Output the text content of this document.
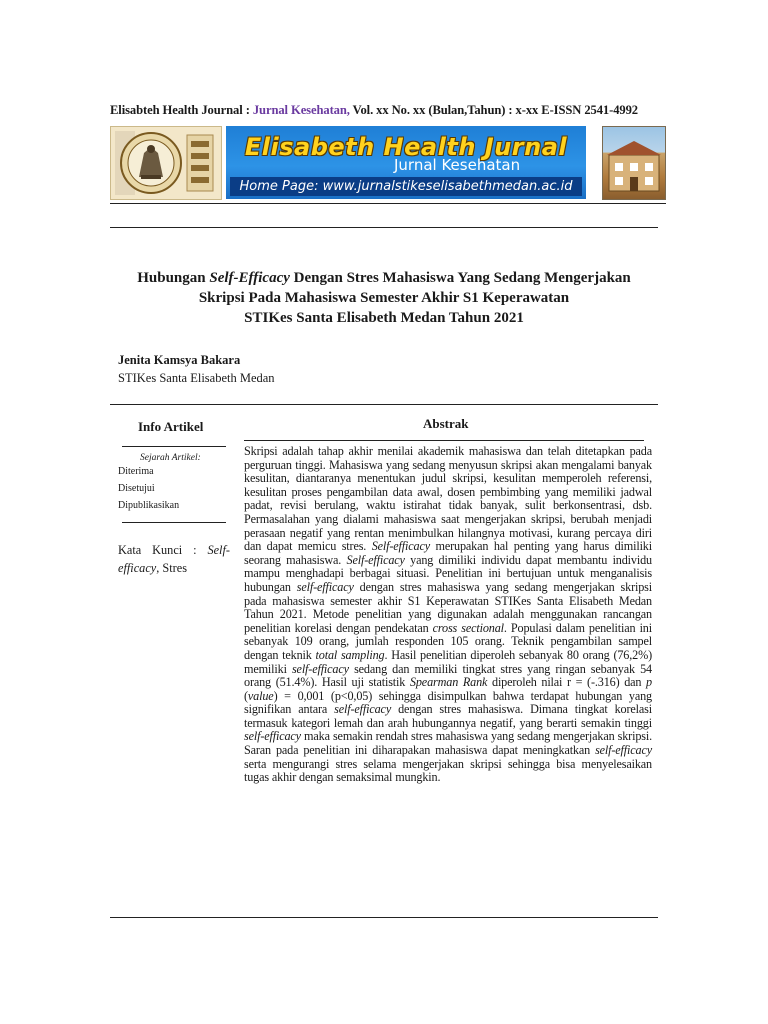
Elisabteh Health Journal : Jurnal Kesehatan, Vol. xx No. xx (Bulan,Tahun) : x-xx E-ISSN 2541-4992
Elisabeth Health Jurnal
Jurnal Kesehatan
Home Page: www.jurnalstikeselisabethmedan.ac.id
Hubungan Self-Efficacy Dengan Stres Mahasiswa Yang Sedang Mengerjakan
Skripsi Pada Mahasiswa Semester Akhir S1 Keperawatan
STIKes Santa Elisabeth Medan Tahun 2021
Jenita Kamsya Bakara
STIKes Santa Elisabeth Medan
Info Artikel
Sejarah Artikel:
Diterima
Disetujui
Dipublikasikan
Kata Kunci : Self-efficacy, Stres
Abstrak
Skripsi adalah tahap akhir menilai akademik mahasiswa dan telah ditetapkan pada perguruan tinggi. Mahasiswa yang sedang menyusun skripsi akan mengalami banyak kesulitan, diantaranya menentukan judul skripsi, kesulitan memperoleh referensi, kesulitan proses pengambilan data awal, dosen pembimbing yang memiliki jadwal padat, revisi berulang, waktu istirahat tidak banyak, sulit berkonsentrasi, dsb. Permasalahan yang dialami mahasiswa saat mengerjakan skripsi, berubah menjadi perasaan negatif yang rentan menimbulkan hilangnya motivasi, kurang percaya diri dan dapat memicu stres. Self-efficacy merupakan hal penting yang harus dimiliki seorang mahasiswa. Self-efficacy yang dimiliki individu dapat membantu individu mampu menghadapi berbagai situasi. Penelitian ini bertujuan untuk menganalisis hubungan self-efficacy dengan stres mahasiswa yang sedang mengerjakan skripsi pada mahasiswa semester akhir S1 Keperawatan STIKes Santa Elisabeth Medan Tahun 2021. Metode penelitian yang digunakan adalah menggunakan rancangan penelitian korelasi dengan pendekatan cross sectional. Populasi dalam penelitian ini sebanyak 109 orang, jumlah responden 105 orang. Teknik pengambilan sampel dengan teknik total sampling. Hasil penelitian diperoleh sebanyak 80 orang (76,2%) memiliki self-efficacy sedang dan memiliki tingkat stres yang ringan sebanyak 54 orang (51.4%). Hasil uji statistik Spearman Rank diperoleh nilai r = (-.316) dan p (value) = 0,001 (p<0,05) sehingga disimpulkan bahwa terdapat hubungan yang signifikan antara self-efficacy dengan stres mahasiswa. Dimana tingkat korelasi termasuk kategori lemah dan arah hubungannya negatif, yang berarti semakin tinggi self-efficacy maka semakin rendah stres mahasiswa yang sedang mengerjakan skripsi. Saran pada penelitian ini diharapakan mahasiswa dapat meningkatkan self-efficacy serta mengurangi stres selama mengerjakan skripsi sehingga bisa menyelesaikan tugas akhir dengan semaksimal mungkin.
